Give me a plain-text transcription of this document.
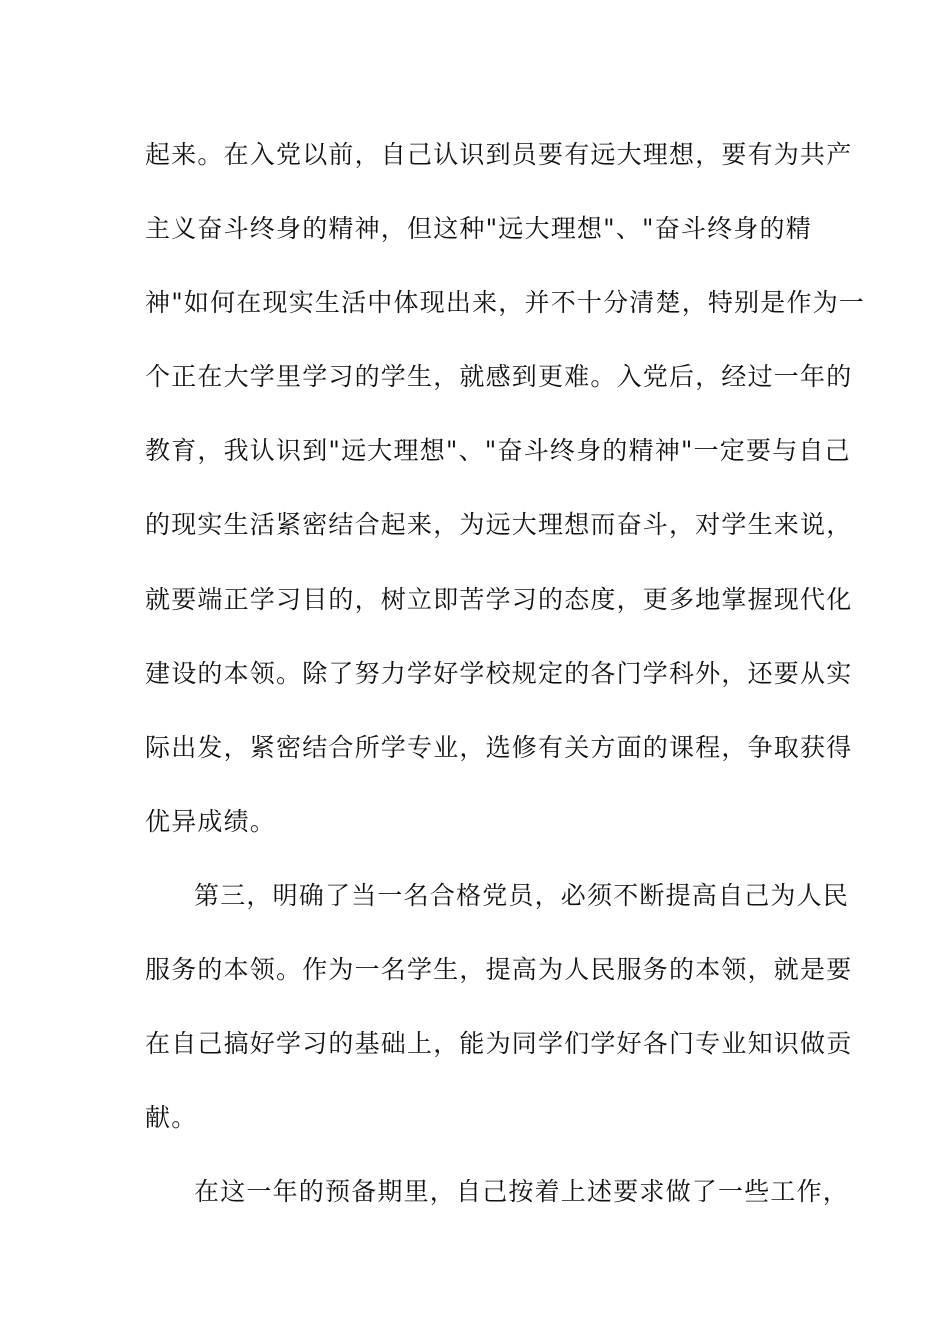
起来。在入党以前，自己认识到员要有远大理想，要有为共产
主义奋斗终身的精神，但这种"远大理想"、"奋斗终身的精
神"如何在现实生活中体现出来，并不十分清楚，特别是作为一
个正在大学里学习的学生，就感到更难。入党后，经过一年的
教育，我认识到"远大理想"、"奋斗终身的精神"一定要与自己
的现实生活紧密结合起来，为远大理想而奋斗，对学生来说，
就要端正学习目的，树立即苦学习的态度，更多地掌握现代化
建设的本领。除了努力学好学校规定的各门学科外，还要从实
际出发，紧密结合所学专业，选修有关方面的课程，争取获得
优异成绩。
第三，明确了当一名合格党员，必须不断提高自己为人民
服务的本领。作为一名学生，提高为人民服务的本领，就是要
在自己搞好学习的基础上，能为同学们学好各门专业知识做贡
献。
在这一年的预备期里，自己按着上述要求做了一些工作，
